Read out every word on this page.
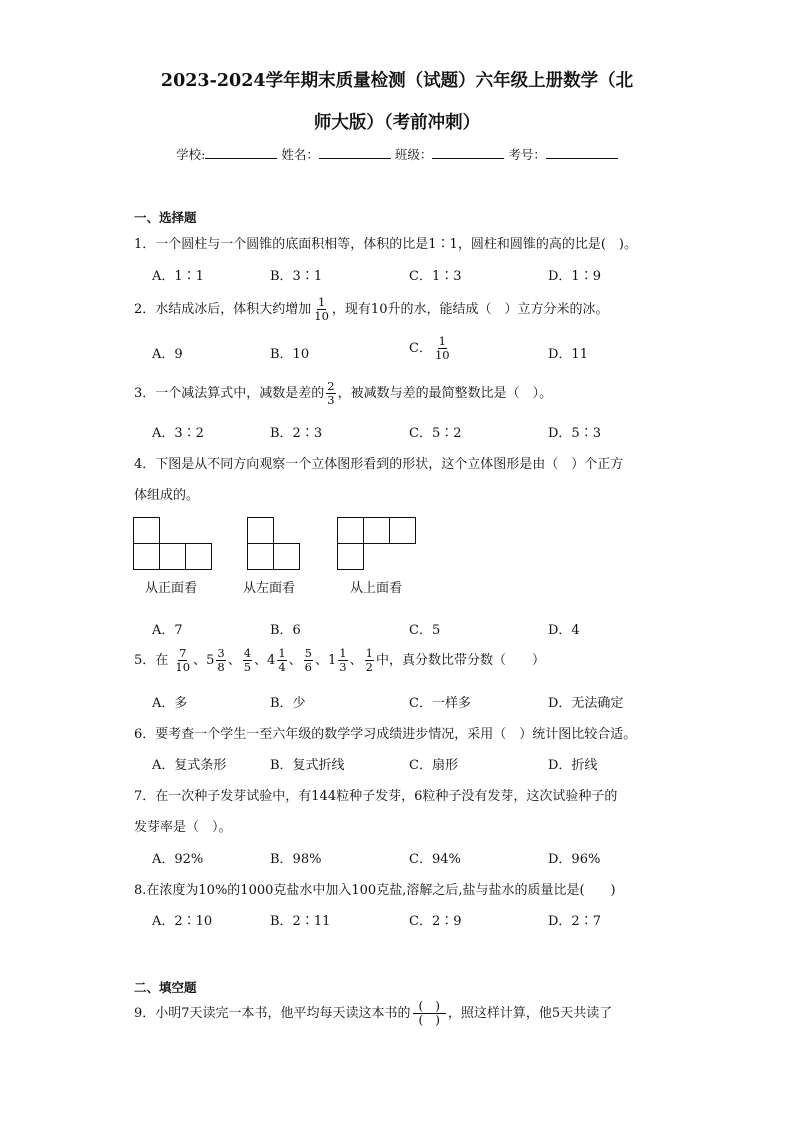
2023-2024学年期末质量检测（试题）六年级上册数学（北
师大版）（考前冲刺）
学校:	姓名：	班级：	考号：
一、选择题
1．一个圆柱与一个圆锥的底面积相等，体积的比是1∶1，圆柱和圆锥的高的比是(　)。
A．1∶1	B．3∶1	C．1∶3	D．1∶9
2．水结成冰后，体积大约增加 $\frac{1}{10}$ ，现有10升的水，能结成（　）立方分米的冰。
A．9	B．10	C． $\frac{1}{10}$	D．11
3．一个减法算式中，减数是差的 $\frac{2}{3}$ ，被减数与差的最简整数比是（　）。
A．3∶2	B．2∶3	C．5∶2	D．5∶3
4．下图是从不同方向观察一个立体图形看到的形状，这个立体图形是由（　）个正方
体组成的。
从正面看	从左面看	从上面看
A．7	B．6	C．5	D．4
5．在 $\frac{7}{10}$ 、 $5 \frac{3}{8}$ 、 $\frac{4}{5}$ 、 $4 \frac{1}{4}$ 、 $\frac{5}{6}$ 、 $1 \frac{1}{3}$ 、 $\frac{1}{2}$ 中，真分数比带分数（　　）
A．多	B．少	C．一样多	D．无法确定
6．要考查一个学生一至六年级的数学学习成绩进步情况，采用（　）统计图比较合适。
A．复式条形	B．复式折线	C．扇形	D．折线
7．在一次种子发芽试验中，有144粒种子发芽，6粒种子没有发芽，这次试验种子的
发芽率是（　）。
A．92%	B．98%	C．94%	D．96%
8.在浓度为10%的1000克盐水中加入100克盐,溶解之后,盐与盐水的质量比是(　　)
A．2∶10	B．2∶11	C．2∶9	D．2∶7
二、填空题
9．小明7天读完一本书，他平均每天读这本书的 $\frac{( )}{( )}$ ，照这样计算，他5天共读了
